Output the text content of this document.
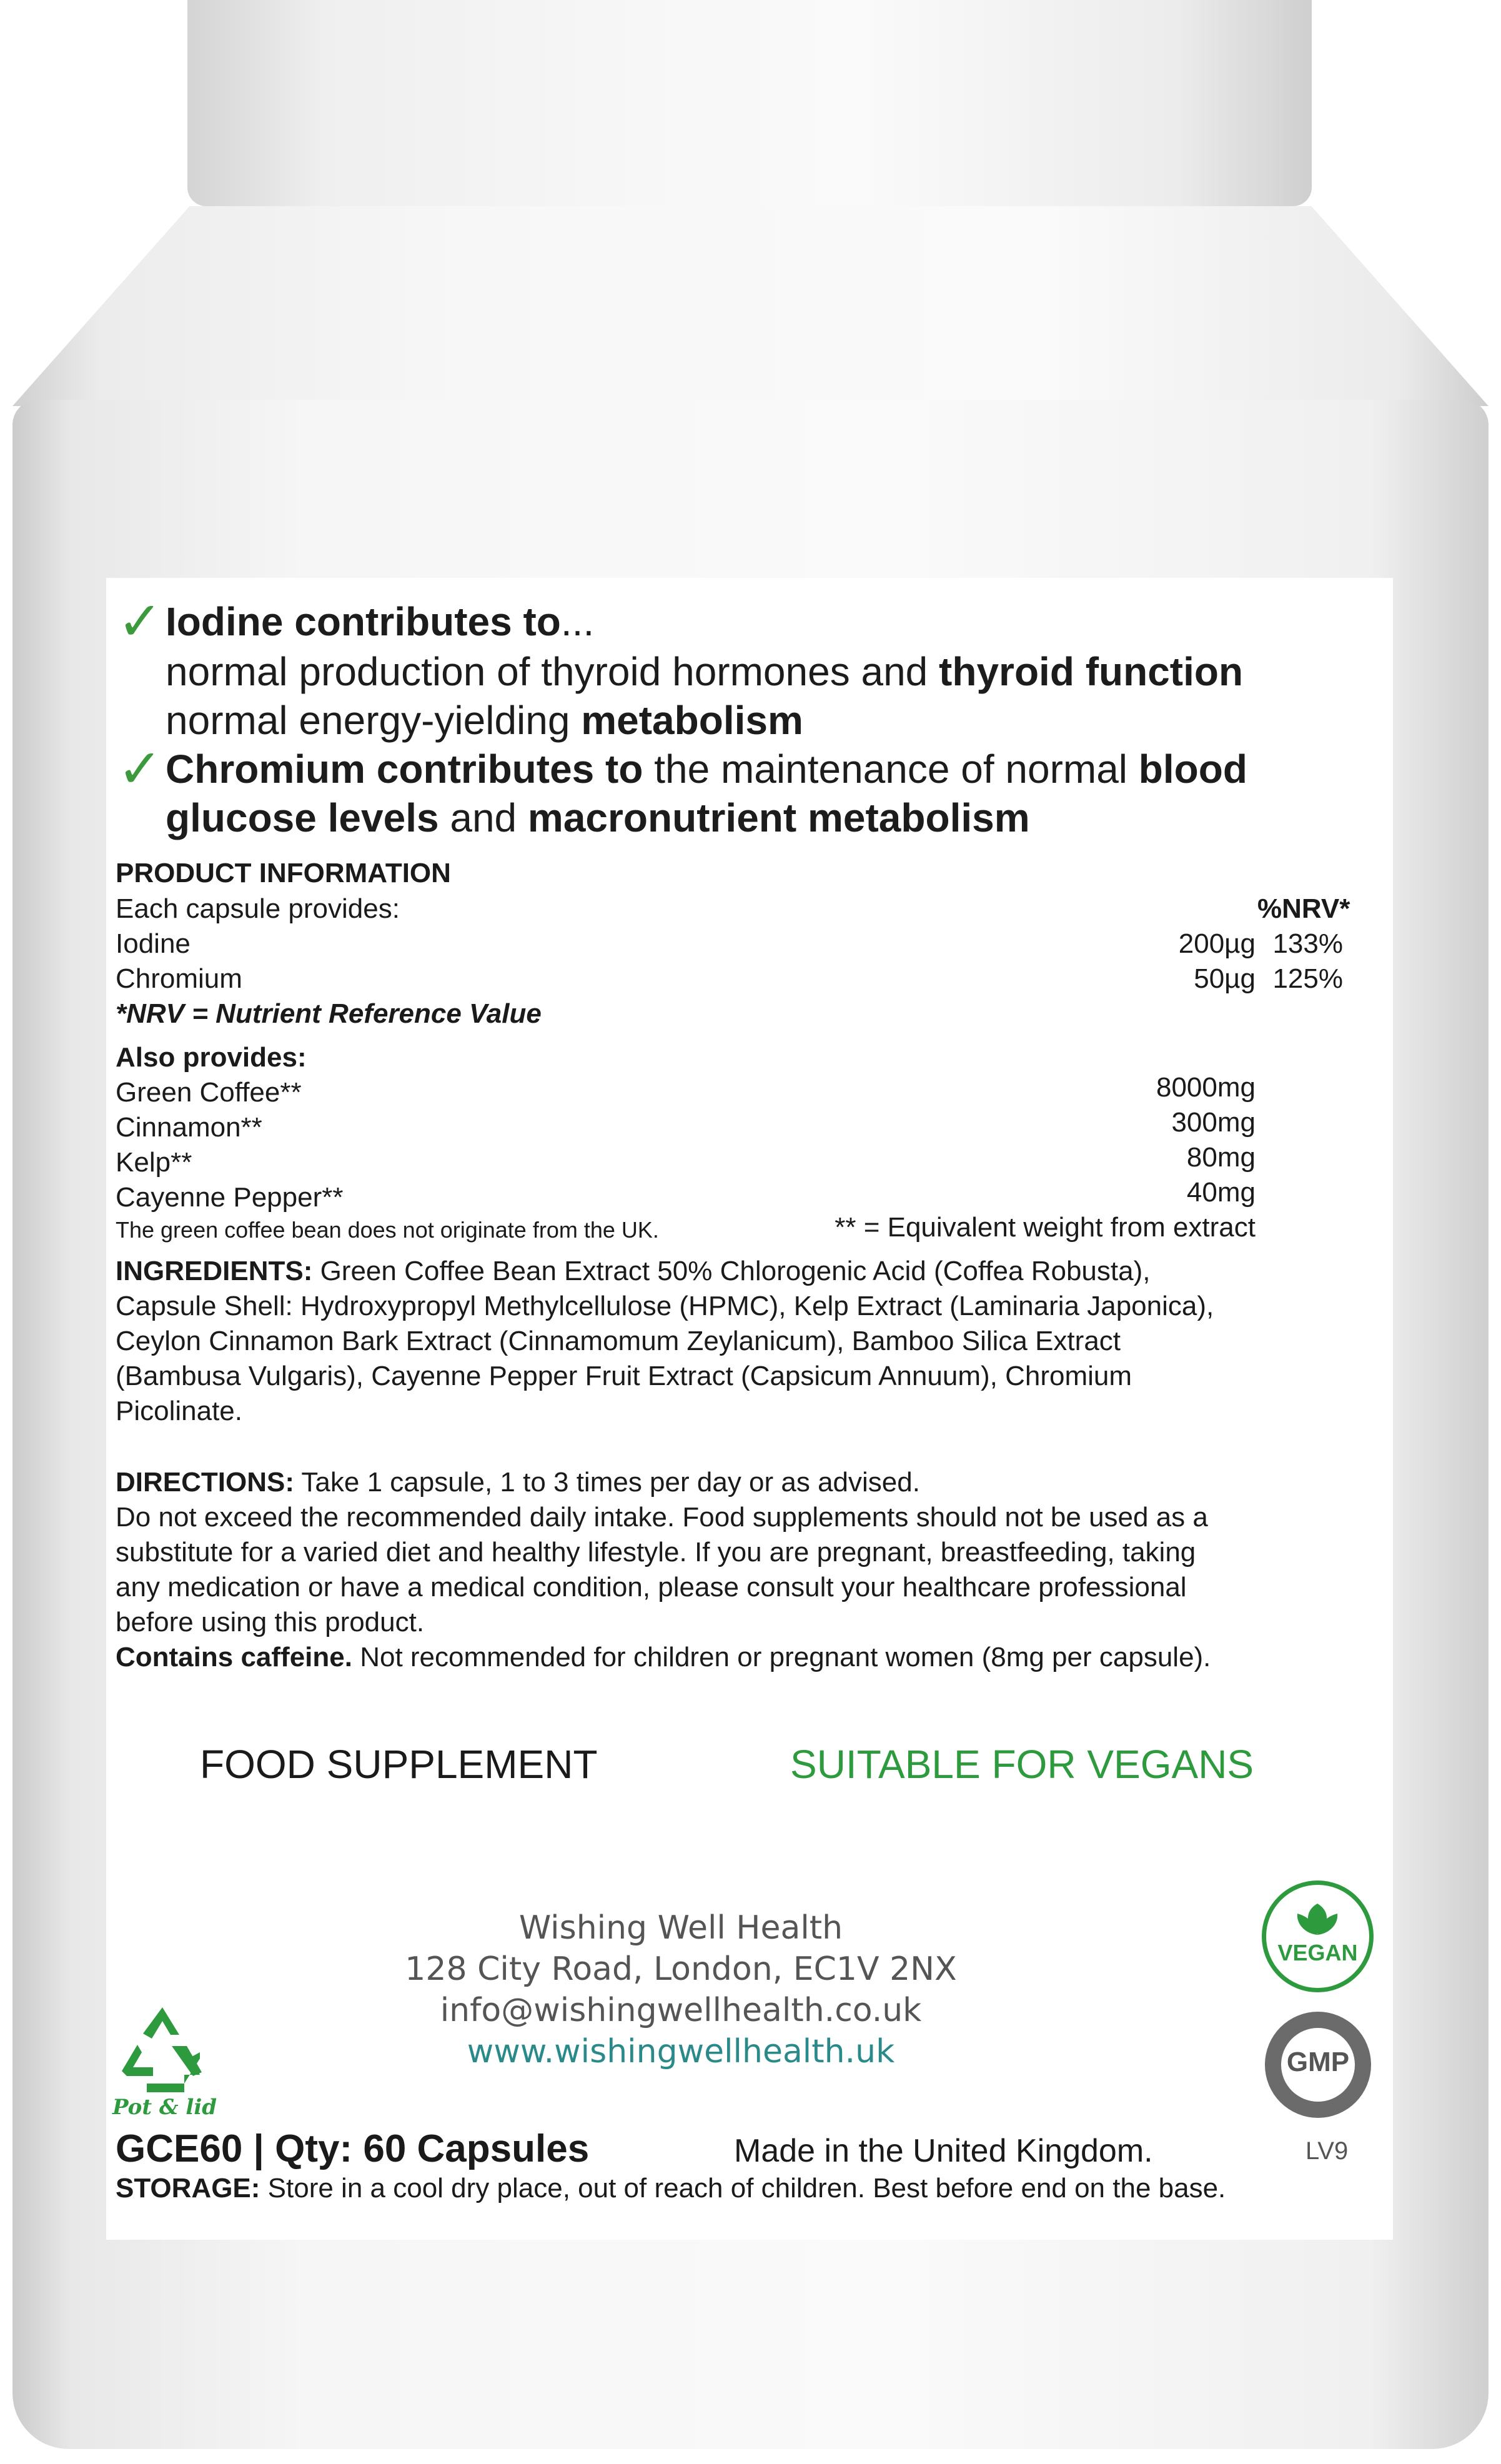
✓ Iodine contributes to...
normal production of thyroid hormones and thyroid function
normal energy-yielding metabolism
✓ Chromium contributes to the maintenance of normal blood
glucose levels and macronutrient metabolism
PRODUCT INFORMATION
Each capsule provides:	%NRV*
Iodine	200µg 133%
Chromium	50µg 125%
*NRV = Nutrient Reference Value
Also provides:
Green Coffee**	8000mg
Cinnamon**	300mg
Kelp**	80mg
Cayenne Pepper**	40mg
The green coffee bean does not originate from the UK.	** = Equivalent weight from extract
INGREDIENTS: Green Coffee Bean Extract 50% Chlorogenic Acid (Coffea Robusta),
Capsule Shell: Hydroxypropyl Methylcellulose (HPMC), Kelp Extract (Laminaria Japonica),
Ceylon Cinnamon Bark Extract (Cinnamomum Zeylanicum), Bamboo Silica Extract
(Bambusa Vulgaris), Cayenne Pepper Fruit Extract (Capsicum Annuum), Chromium
Picolinate.
DIRECTIONS: Take 1 capsule, 1 to 3 times per day or as advised.
Do not exceed the recommended daily intake. Food supplements should not be used as a
substitute for a varied diet and healthy lifestyle. If you are pregnant, breastfeeding, taking
any medication or have a medical condition, please consult your healthcare professional
before using this product.
Contains caffeine. Not recommended for children or pregnant women (8mg per capsule).
FOOD SUPPLEMENT	SUITABLE FOR VEGANS
Wishing Well Health
128 City Road, London, EC1V 2NX
info@wishingwellhealth.co.uk
www.wishingwellhealth.uk
Pot & lid
VEGAN
GMP
GCE60 | Qty: 60 Capsules	Made in the United Kingdom.	LV9
STORAGE: Store in a cool dry place, out of reach of children. Best before end on the base.
